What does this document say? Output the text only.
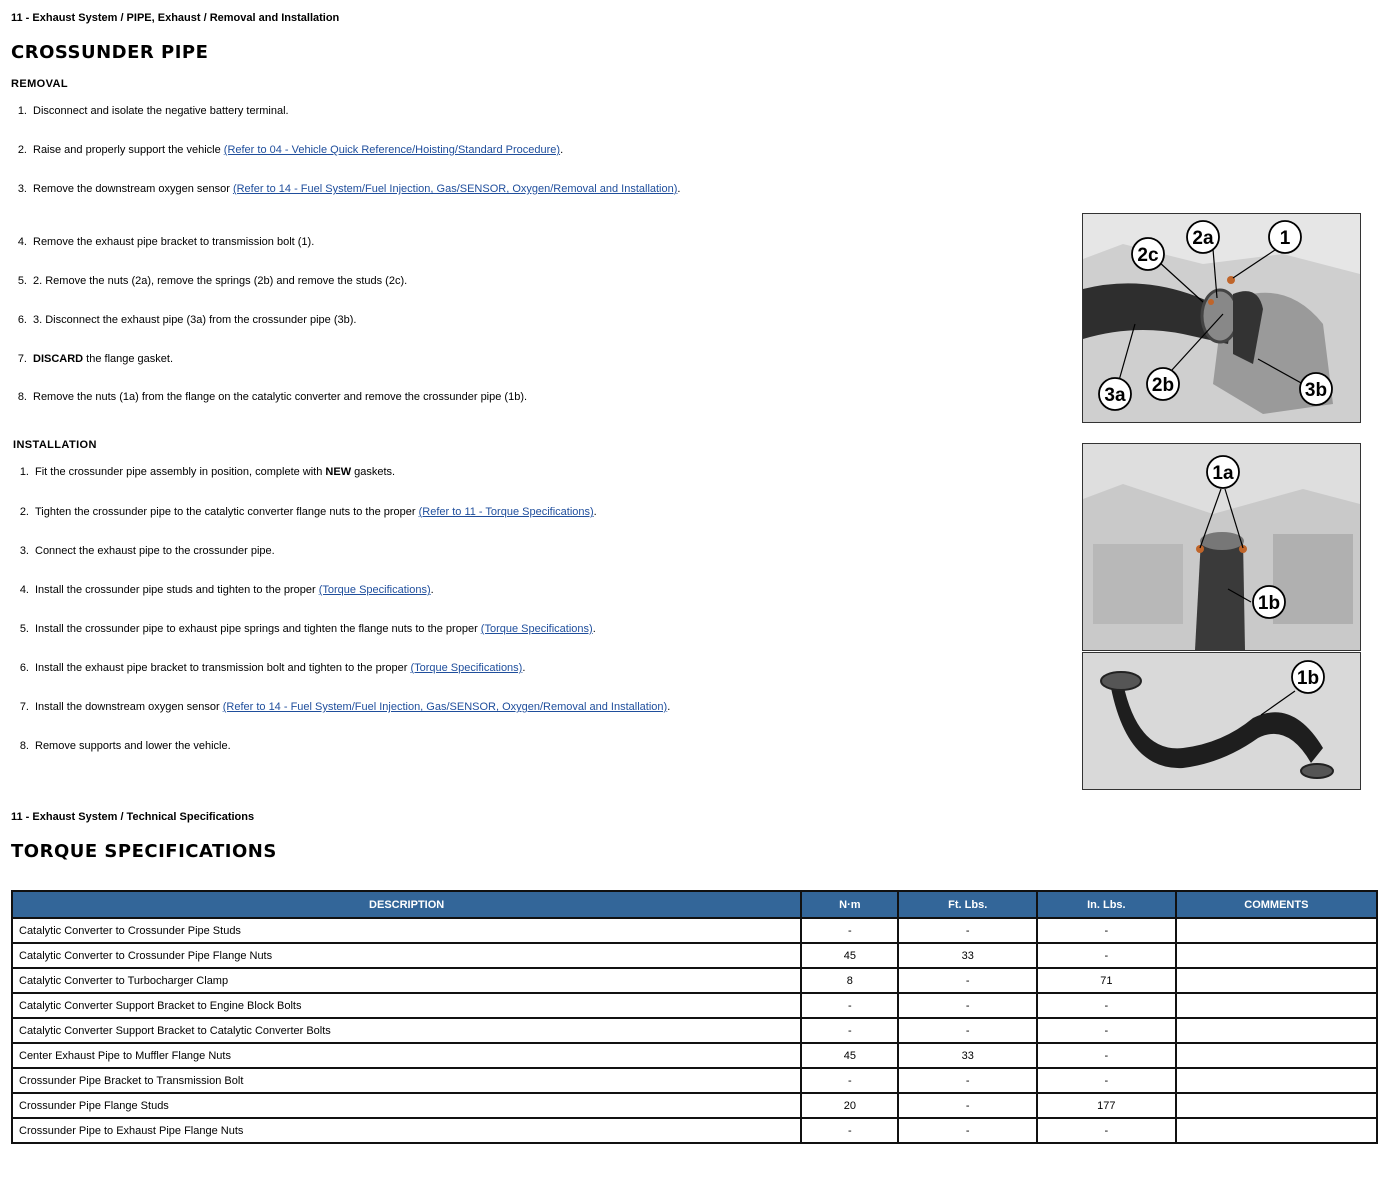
11 - Exhaust System / PIPE, Exhaust / Removal and Installation
CROSSUNDER PIPE
REMOVAL
1. Disconnect and isolate the negative battery terminal.
2. Raise and properly support the vehicle (Refer to 04 - Vehicle Quick Reference/Hoisting/Standard Procedure).
3. Remove the downstream oxygen sensor (Refer to 14 - Fuel System/Fuel Injection, Gas/SENSOR, Oxygen/Removal and Installation).
4. Remove the exhaust pipe bracket to transmission bolt (1).
5. 2. Remove the nuts (2a), remove the springs (2b) and remove the studs (2c).
6. 3. Disconnect the exhaust pipe (3a) from the crossunder pipe (3b).
7. DISCARD the flange gasket.
8. Remove the nuts (1a) from the flange on the catalytic converter and remove the crossunder pipe (1b).
INSTALLATION
1. Fit the crossunder pipe assembly in position, complete with NEW gaskets.
2. Tighten the crossunder pipe to the catalytic converter flange nuts to the proper (Refer to 11 - Torque Specifications).
3. Connect the exhaust pipe to the crossunder pipe.
4. Install the crossunder pipe studs and tighten to the proper (Torque Specifications).
5. Install the crossunder pipe to exhaust pipe springs and tighten the flange nuts to the proper (Torque Specifications).
6. Install the exhaust pipe bracket to transmission bolt and tighten to the proper (Torque Specifications).
7. Install the downstream oxygen sensor (Refer to 14 - Fuel System/Fuel Injection, Gas/SENSOR, Oxygen/Removal and Installation).
8. Remove supports and lower the vehicle.
1
2a
2c
3a 2b	3b
1a
1b
1b
11 - Exhaust System / Technical Specifications
TORQUE SPECIFICATIONS
DESCRIPTION	N·m	Ft. Lbs.	In. Lbs.	COMMENTS
Catalytic Converter to Crossunder Pipe Studs	-	-	-	
Catalytic Converter to Crossunder Pipe Flange Nuts	45	33	-	
Catalytic Converter to Turbocharger Clamp	8	-	71	
Catalytic Converter Support Bracket to Engine Block Bolts	-	-	-	
Catalytic Converter Support Bracket to Catalytic Converter Bolts	-	-	-	
Center Exhaust Pipe to Muffler Flange Nuts	45	33	-	
Crossunder Pipe Bracket to Transmission Bolt	-	-	-	
Crossunder Pipe Flange Studs	20	-	177	
Crossunder Pipe to Exhaust Pipe Flange Nuts	-	-	-	
